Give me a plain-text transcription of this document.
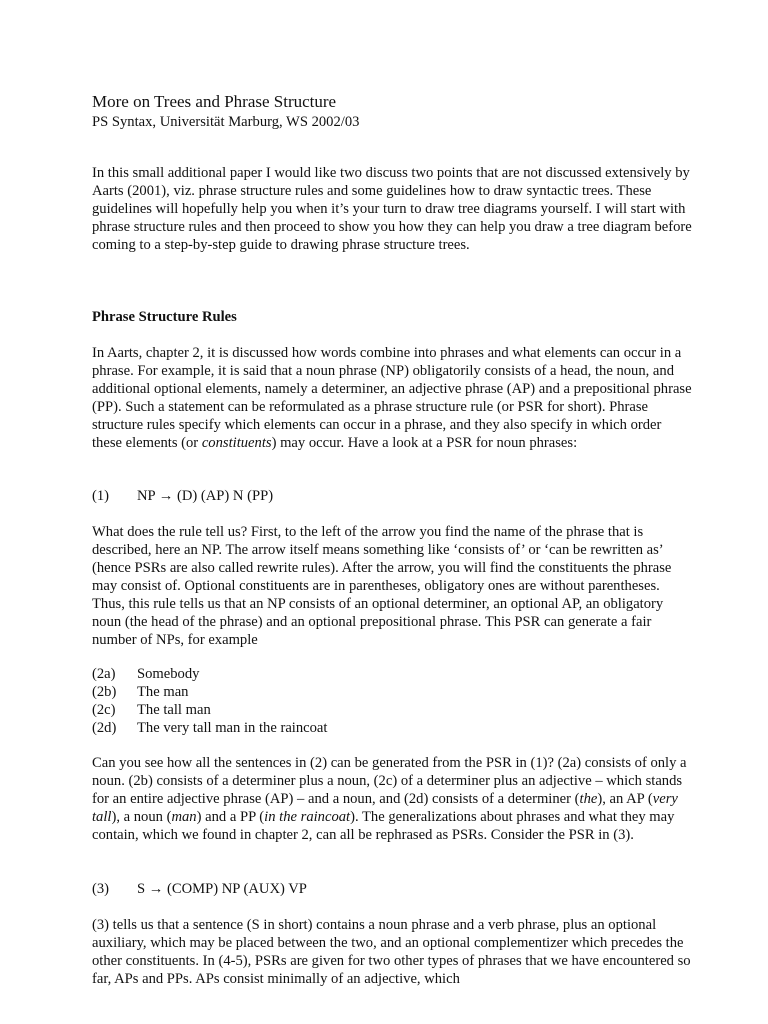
More on Trees and Phrase Structure
PS Syntax, Universität Marburg, WS 2002/03

In this small additional paper I would like two discuss two points that are not discussed extensively by Aarts (2001), viz. phrase structure rules and some guidelines how to draw syntactic trees. These guidelines will hopefully help you when it’s your turn to draw tree diagrams yourself. I will start with phrase structure rules and then proceed to show you how they can help you draw a tree diagram before coming to a step-by-step guide to drawing phrase structure trees.

Phrase Structure Rules

In Aarts, chapter 2, it is discussed how words combine into phrases and what elements can occur in a phrase. For example, it is said that a noun phrase (NP) obligatorily consists of a head, the noun, and additional optional elements, namely a determiner, an adjective phrase (AP) and a prepositional phrase (PP). Such a statement can be reformulated as a phrase structure rule (or PSR for short). Phrase structure rules specify which elements can occur in a phrase, and they also specify in which order these elements (or constituents) may occur. Have a look at a PSR for noun phrases:

(1) NP → (D) (AP) N (PP)

What does the rule tell us? First, to the left of the arrow you find the name of the phrase that is described, here an NP. The arrow itself means something like ‘consists of’ or ‘can be rewritten as’ (hence PSRs are also called rewrite rules). After the arrow, you will find the constituents the phrase may consist of. Optional constituents are in parentheses, obligatory ones are without parentheses. Thus, this rule tells us that an NP consists of an optional determiner, an optional AP, an obligatory noun (the head of the phrase) and an optional prepositional phrase. This PSR can generate a fair number of NPs, for example

(2a) Somebody
(2b) The man
(2c) The tall man
(2d) The very tall man in the raincoat

Can you see how all the sentences in (2) can be generated from the PSR in (1)? (2a) consists of only a noun. (2b) consists of a determiner plus a noun, (2c) of a determiner plus an adjective – which stands for an entire adjective phrase (AP) – and a noun, and (2d) consists of a determiner (the), an AP (very tall), a noun (man) and a PP (in the raincoat). The generalizations about phrases and what they may contain, which we found in chapter 2, can all be rephrased as PSRs. Consider the PSR in (3).

(3) S → (COMP) NP (AUX) VP

(3) tells us that a sentence (S in short) contains a noun phrase and a verb phrase, plus an optional auxiliary, which may be placed between the two, and an optional complementizer which precedes the other constituents. In (4-5), PSRs are given for two other types of phrases that we have encountered so far, APs and PPs. APs consist minimally of an adjective, which
